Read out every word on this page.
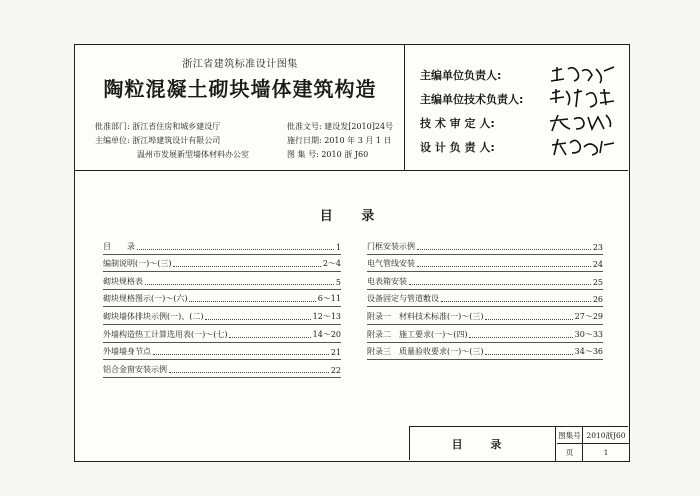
浙江省建筑标准设计图集
陶粒混凝土砌块墙体建筑构造
批准部门: 浙江省住房和城乡建设厅
主编单位: 浙江埠建筑设计有限公司
温州市发展新型墙体材料办公室
批准文号: 建设发[2010]24号
施行日期: 2010 年 3 月 1 日
图 集 号: 2010 浙 J60
主编单位负责人:
主编单位技术负责人:
技 术 审 定 人:
设 计 负 责 人:
目 录
目　　录	1
编制说明(一)～(三)	2～4
砌块规格表	5
砌块规格图示(一)～(六)	6～11
砌块墙体排块示例(一)、(二)	12～13
外墙构造热工计算选用表(一)～(七)	14～20
外墙墙身节点	21
铝合金窗安装示例	22
门框安装示例	23
电气管线安装	24
电表箱安装	25
设备固定与管道敷设	26
附录一　材料技术标准(一)～(三)	27～29
附录二　施工要求(一)～(四)	30～33
附录三　质量验收要求(一)～(三)	34～36
目 录
图集号 2010浙J60
页	1
